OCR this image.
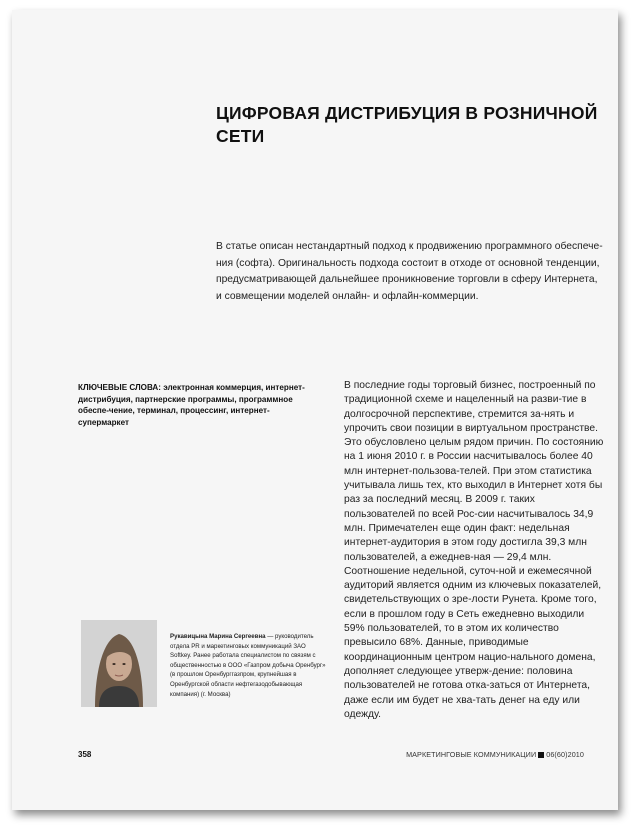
ЦИФРОВАЯ ДИСТРИБУЦИЯ В РОЗНИЧНОЙ
СЕТИ
В статье описан нестандартный подход к продвижению программного обеспече-ния (софта). Оригинальность подхода состоит в отходе от основной тенденции, предусматривающей дальнейшее проникновение торговли в сферу Интернета, и совмещении моделей онлайн- и офлайн-коммерции.
КЛЮЧЕВЫЕ СЛОВА: электронная коммерция, интернет-дистрибуция, партнерские программы, программное обеспе-чение, терминал, процессинг, интернет-супермаркет
В последние годы торговый бизнес, построенный по традиционной схеме и нацеленный на разви-тие в долгосрочной перспективе, стремится за-нять и упрочить свои позиции в виртуальном пространстве. Это обусловлено целым рядом причин. По состоянию на 1 июня 2010 г. в России насчитывалось более 40 млн интернет-пользова-телей. При этом статистика учитывала лишь тех, кто выходил в Интернет хотя бы раз за последний месяц. В 2009 г. таких пользователей по всей Рос-сии насчитывалось 34,9 млн. Примечателен еще один факт: недельная интернет-аудитория в этом году достигла 39,3 млн пользователей, а ежеднев-ная — 29,4 млн. Соотношение недельной, суточ-ной и ежемесячной аудиторий является одним из ключевых показателей, свидетельствующих о зре-лости Рунета. Кроме того, если в прошлом году в Сеть ежедневно выходили 59% пользователей, то в этом их количество превысило 68%. Данные, приводимые координационным центром нацио-нального домена, дополняет следующее утверж-дение: половина пользователей не готова отка-заться от Интернета, даже если им будет не хва-тать денег на еду или одежду.
Рукавицына Марина Сергеевна — руководитель отдела PR и маркетинговых коммуникаций ЗАО Softkey. Ранее работала специалистом по связям с общественностью в ООО «Газпром добыча Оренбург» (в прошлом Оренбурггазпром, крупнейшая в Оренбургской области нефтегазодобывающая компания) (г. Москва)
358	МАРКЕТИНГОВЫЕ КОММУНИКАЦИИ 06(60)2010
